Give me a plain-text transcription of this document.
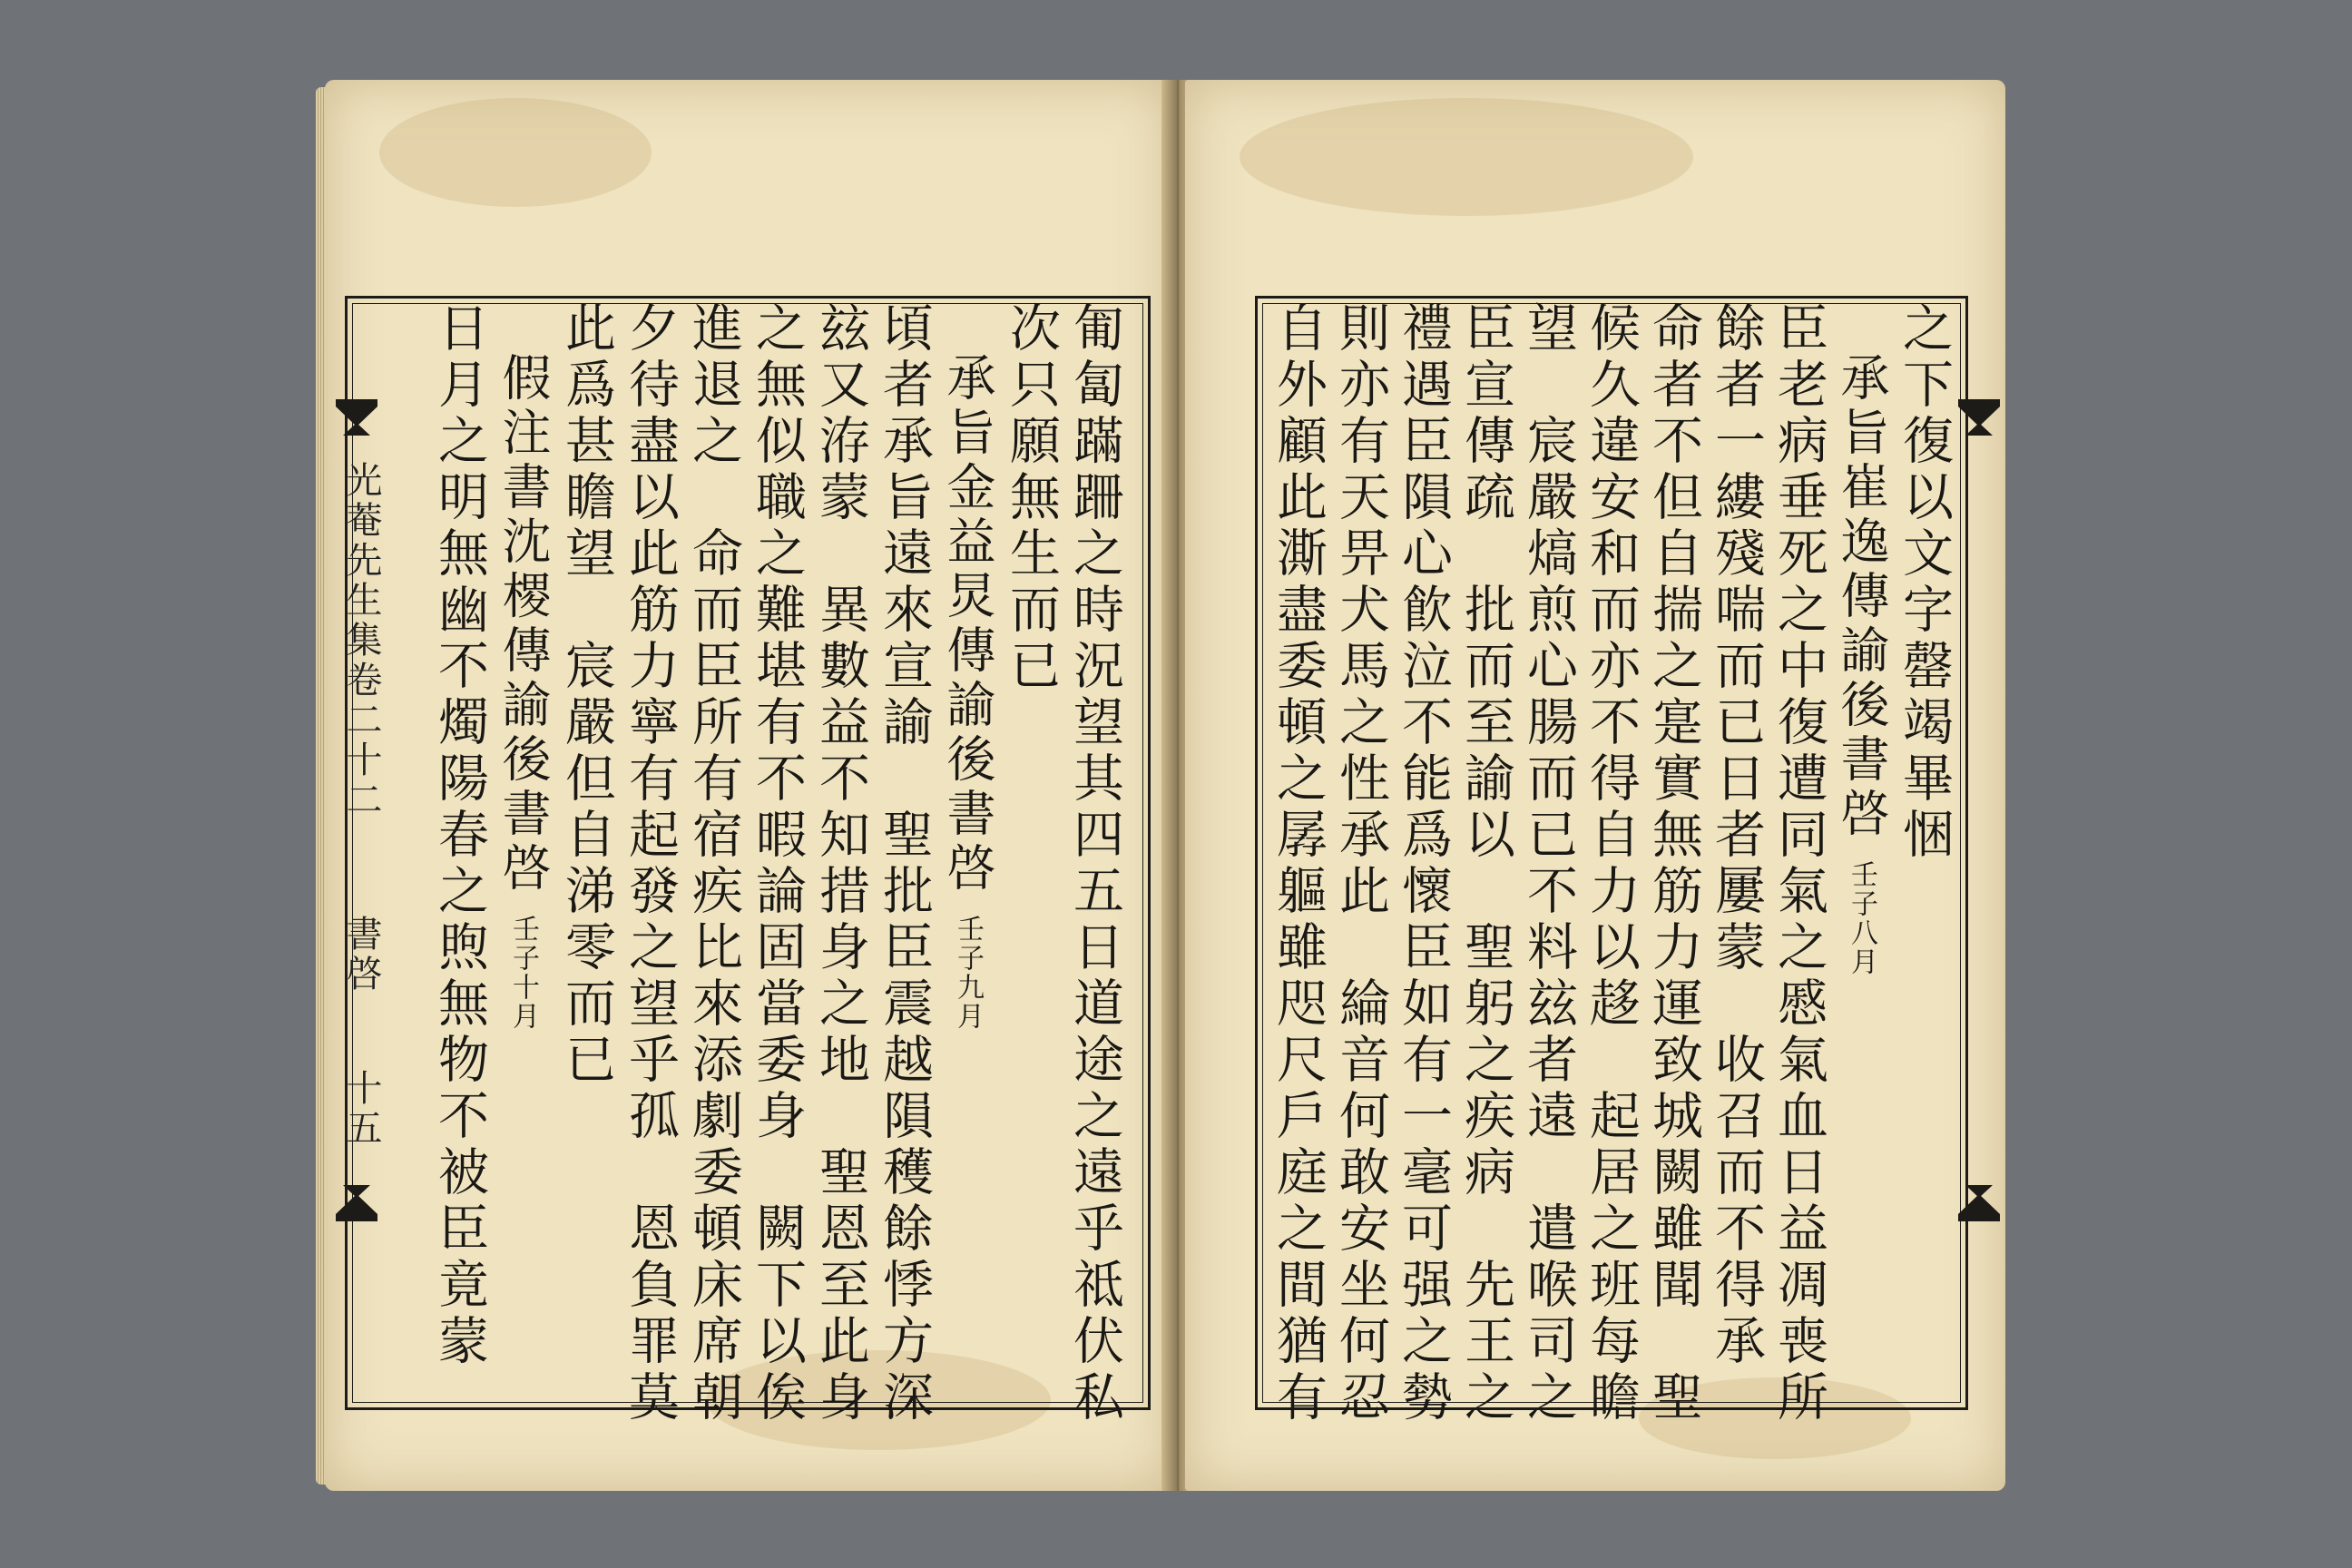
匍匐蹣跚之時況望其四五日道途之遠乎祗伏私
次只願無生而已
承旨金益炅傳諭後書啓壬子九月
頃者承旨遠來宣諭　聖批臣震越隕穫餘悸方深
玆又洊蒙　異數益不知措身之地　聖恩至此身
之無似職之難堪有不暇論固當委身　闕下以俟
進退之　命而臣所有宿疾比來添劇委頓床席朝
夕待盡以此筋力寧有起發之望乎孤　恩負罪莫
此爲甚瞻望　宸嚴但自涕零而已
假注書沈㮨傳諭後書啓壬子十月
日月之明無幽不燭陽春之煦無物不被臣竟蒙
光菴先生集卷二十二
書啓
十五
之下復以文字罄竭畢悃
承旨崔逸傳諭後書啓壬子八月
臣老病垂死之中復遭同氣之慼氣血日益凋喪所
餘者一縷殘喘而已日者屢蒙　收召而不得承
命者不但自揣之寔實無筋力運致城闕雖聞　聖
候久違安和而亦不得自力以趍　起居之班每瞻
望　宸嚴熇煎心腸而已不料玆者遠　遣喉司之
臣宣傳疏　批而至諭以　聖躬之疾病　先王之
禮遇臣隕心飮泣不能爲懷臣如有一毫可强之勢
則亦有天畀犬馬之性承此　綸音何敢安坐何忍
自外顧此澌盡委頓之孱軀雖咫尺戶庭之間猶有
